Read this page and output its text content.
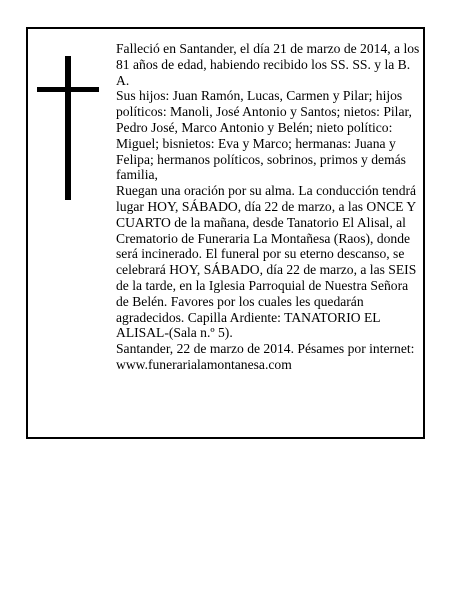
Falleció en Santander, el día 21 de marzo de 2014, a los 81 años de edad, habiendo recibido los SS. SS. y la B. A.

Sus hijos: Juan Ramón, Lucas, Carmen y Pilar; hijos políticos: Manoli, José Antonio y Santos; nietos: Pilar, Pedro José, Marco Antonio y Belén; nieto político: Miguel; bisnietos: Eva y Marco; hermanas: Juana y Felipa; hermanos políticos, sobrinos, primos y demás familia,

Ruegan una oración por su alma. La conducción tendrá lugar HOY, SÁBADO, día 22 de marzo, a las ONCE Y CUARTO de la mañana, desde Tanatorio El Alisal, al Crematorio de Funeraria La Montañesa (Raos), donde será incinerado. El funeral por su eterno descanso, se celebrará HOY, SÁBADO, día 22 de marzo, a las SEIS de la tarde, en la Iglesia Parroquial de Nuestra Señora de Belén. Favores por los cuales les quedarán agradecidos. Capilla Ardiente: TANATORIO EL ALISAL-(Sala n.º 5).

Santander, 22 de marzo de 2014. Pésames por internet: www.funerarialamontanesa.com
